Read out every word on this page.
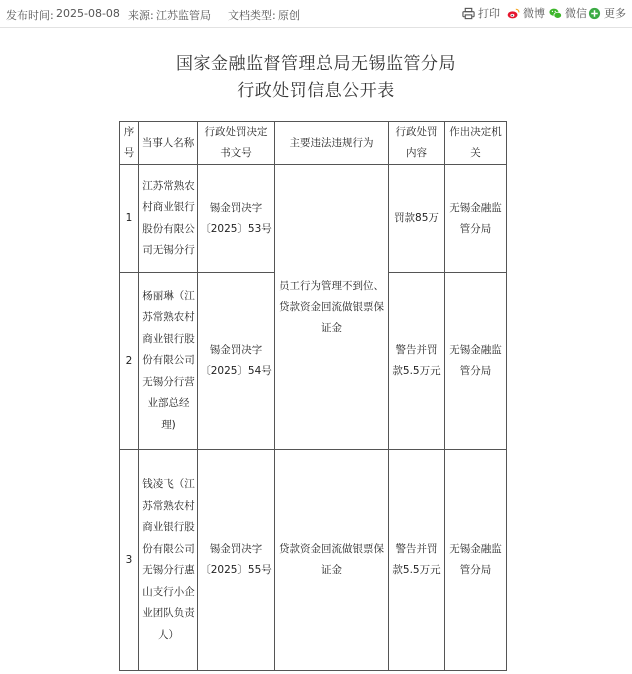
发布时间: 2025-08-08 来源: 江苏监管局 文档类型: 原创	打印 微博 微信 更多
国家金融监督管理总局无锡监管分局
行政处罚信息公开表
序号	当事人名称	行政处罚决定书文号	主要违法违规行为	行政处罚内容	作出决定机关
1	江苏常熟农村商业银行股份有限公司无锡分行	锡金罚决字〔2025〕53号	员工行为管理不到位、贷款资金回流做银票保证金	罚款85万	无锡金融监管分局
2	杨丽琳（江苏常熟农村商业银行股份有限公司无锡分行营业部总经理)	锡金罚决字〔2025〕54号		警告并罚款5.5万元	无锡金融监管分局
3	钱凌飞（江苏常熟农村商业银行股份有限公司无锡分行惠山支行小企业团队负责人）	锡金罚决字〔2025〕55号	贷款资金回流做银票保证金	警告并罚款5.5万元	无锡金融监管分局
